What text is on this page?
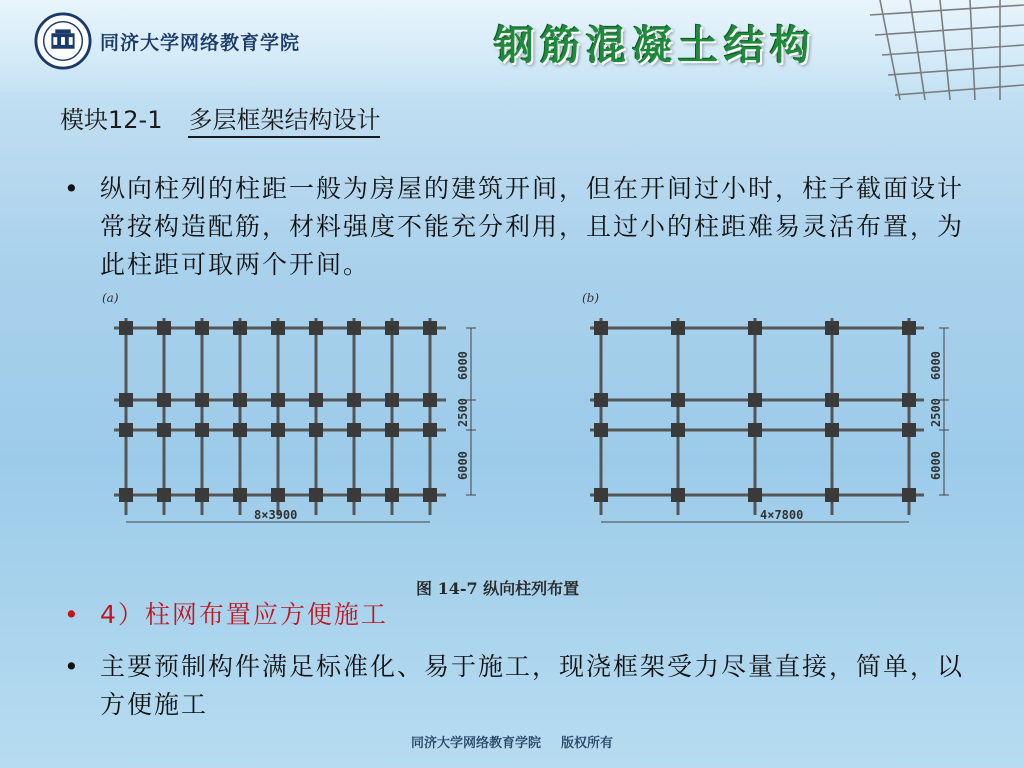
同济大学网络教育学院	钢筋混凝土结构
模块12-1 多层框架结构设计
• 纵向柱列的柱距一般为房屋的建筑开间，但在开间过小时，柱子截面设计常按构造配筋，材料强度不能充分利用，且过小的柱距难易灵活布置，为此柱距可取两个开间。
(a)
8×3900
6000
2500
6000
(b)
4×7800
6000
2500
6000
图 14-7 纵向柱列布置
• 4）柱网布置应方便施工
• 主要预制构件满足标准化、易于施工，现浇框架受力尽量直接，简单，以方便施工
同济大学网络教育学院 版权所有
